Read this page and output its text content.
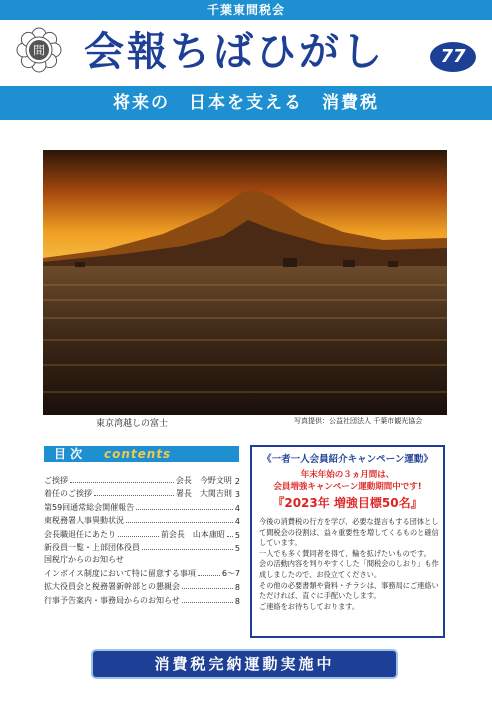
千葉東間税会
間 会報ちばひがし	77
将来の　日本を支える　消費税
東京湾越しの富士	写真提供：公益社団法人 千葉市観光協会
目 次 contents
ご挨拶	会長　今野文明 2
着任のご挨拶	署長　大関吉則 3
第59回通常総会開催報告	4
東税務署人事異動状況	4
会長職退任にあたり	前会長　山本康昭 5
新役員一覧・上部団体役員	5
国税庁からのお知らせ
インボイス制度において特に留意する事項	6～7
拡大役員会と税務署新幹部との懇親会	8
行事予告案内・事務局からのお知らせ	8
《一者一人会員紹介キャンペーン運動》
年末年始の３ヵ月間は、
会員増強キャンペーン運動期間中です!
『2023年 増強目標50名』

今後の消費税の行方を学び、必要な提言もする団体として間税会の役割は、益々重要性を増してくるものと確信しています。

一人でも多く賛同者を得て、輪を拡げたいものです。

会の活動内容を判りやすくした「間税会のしおり」も作成しましたので、お役立てください。

その他の必要書類や資料・チラシは、事務局にご連絡いただければ、直ぐに手配いたします。

ご連絡をお待ちしております。

消費税完納運動実施中
